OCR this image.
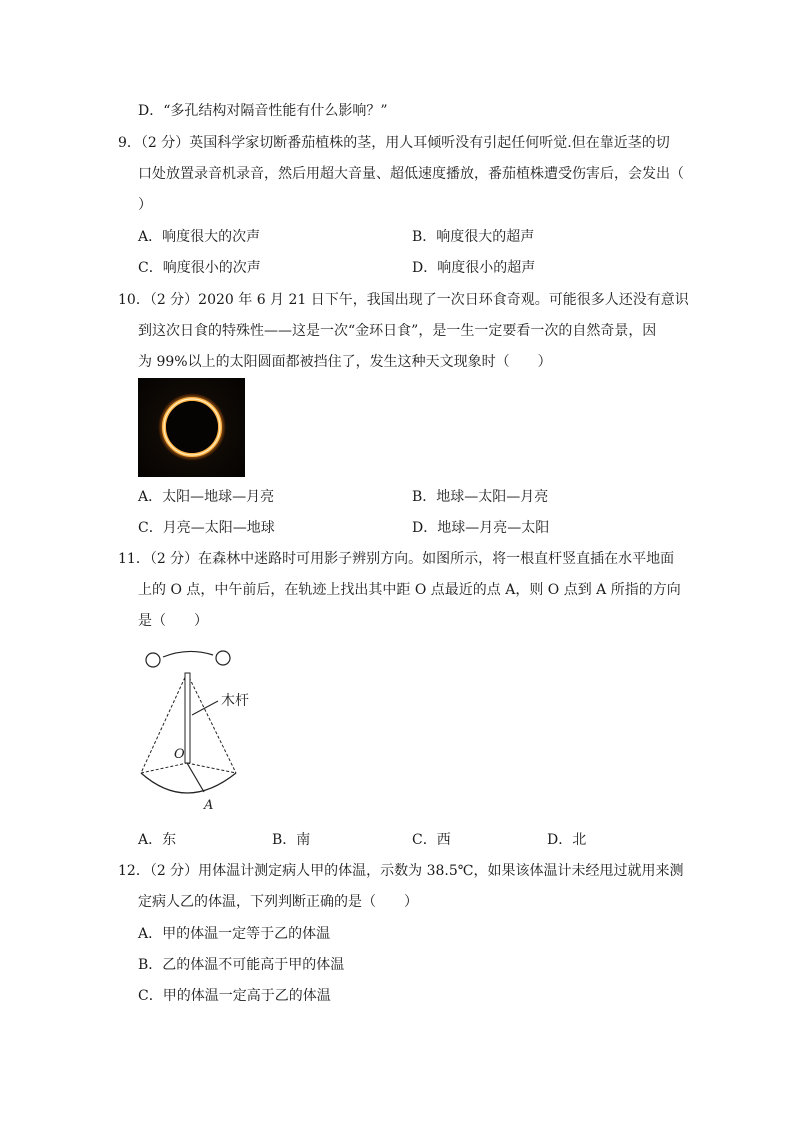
D．“多孔结构对隔音性能有什么影响？”
9．（2 分）英国科学家切断番茄植株的茎，用人耳倾听没有引起任何听觉.但在靠近茎的切
口处放置录音机录音，然后用超大音量、超低速度播放，番茄植株遭受伤害后，会发出（
）
A．响度很大的次声	B．响度很大的超声
C．响度很小的次声	D．响度很小的超声
10．（2 分）2020 年 6 月 21 日下午，我国出现了一次日环食奇观。可能很多人还没有意识
到这次日食的特殊性——这是一次“金环日食”，是一生一定要看一次的自然奇景，因
为 99%以上的太阳圆面都被挡住了，发生这种天文现象时（　　）
A．太阳—地球—月亮	B．地球—太阳—月亮
C．月亮—太阳—地球	D．地球—月亮—太阳
11．（2 分）在森林中迷路时可用影子辨别方向。如图所示，将一根直杆竖直插在水平地面
上的 O 点，中午前后，在轨迹上找出其中距 O 点最近的点 A，则 O 点到 A 所指的方向
是（　　）
木杆
O
A
A．东	B．南	C．西	D．北
12．（2 分）用体温计测定病人甲的体温，示数为 38.5℃，如果该体温计未经甩过就用来测
定病人乙的体温，下列判断正确的是（　　）
A．甲的体温一定等于乙的体温
B．乙的体温不可能高于甲的体温
C．甲的体温一定高于乙的体温
